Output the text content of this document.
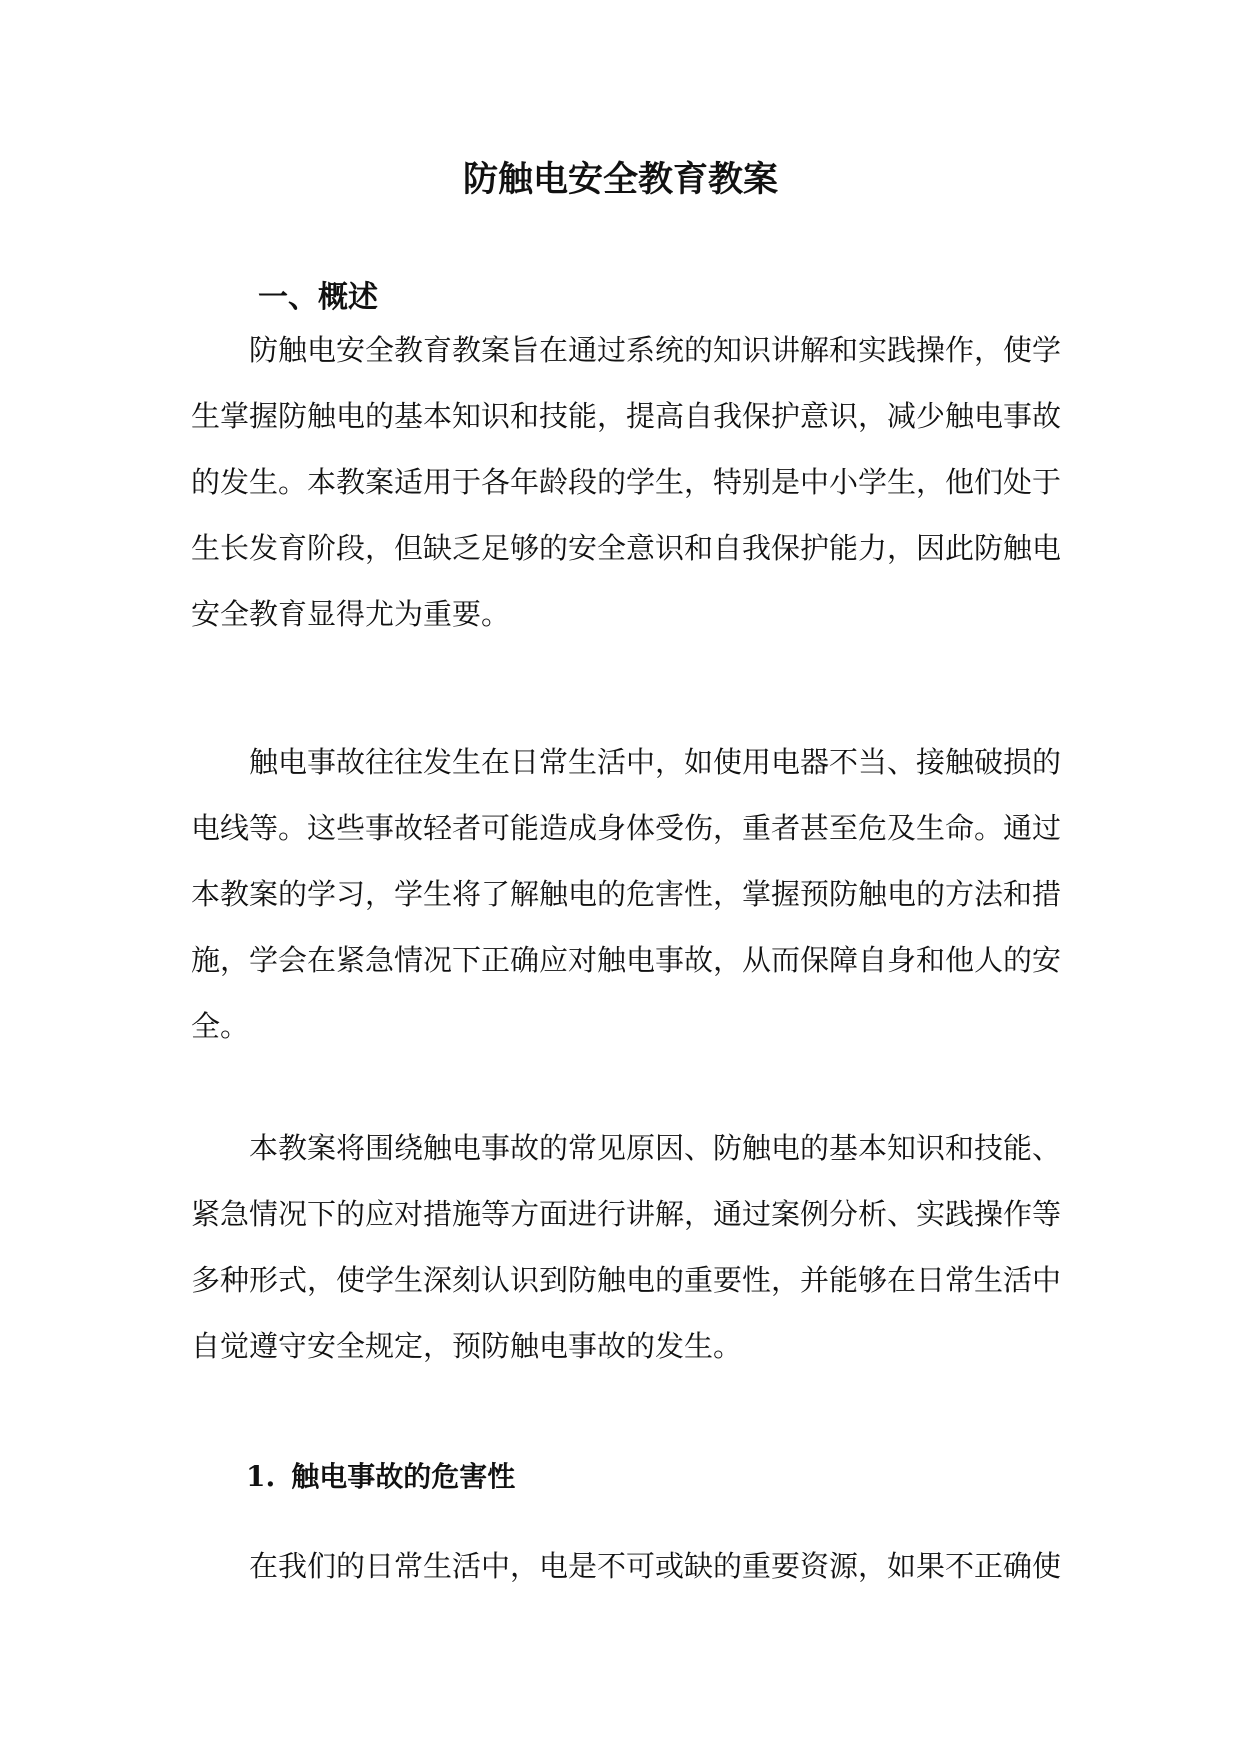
防触电安全教育教案
一、概述
防触电安全教育教案旨在通过系统的知识讲解和实践操作，使学
生掌握防触电的基本知识和技能，提高自我保护意识，减少触电事故
的发生。本教案适用于各年龄段的学生，特别是中小学生，他们处于
生长发育阶段，但缺乏足够的安全意识和自我保护能力，因此防触电
安全教育显得尤为重要。
触电事故往往发生在日常生活中，如使用电器不当、接触破损的
电线等。这些事故轻者可能造成身体受伤，重者甚至危及生命。通过
本教案的学习，学生将了解触电的危害性，掌握预防触电的方法和措
施，学会在紧急情况下正确应对触电事故，从而保障自身和他人的安
全。
本教案将围绕触电事故的常见原因、防触电的基本知识和技能、
紧急情况下的应对措施等方面进行讲解，通过案例分析、实践操作等
多种形式，使学生深刻认识到防触电的重要性，并能够在日常生活中
自觉遵守安全规定，预防触电事故的发生。
1. 触电事故的危害性
在我们的日常生活中，电是不可或缺的重要资源，如果不正确使
